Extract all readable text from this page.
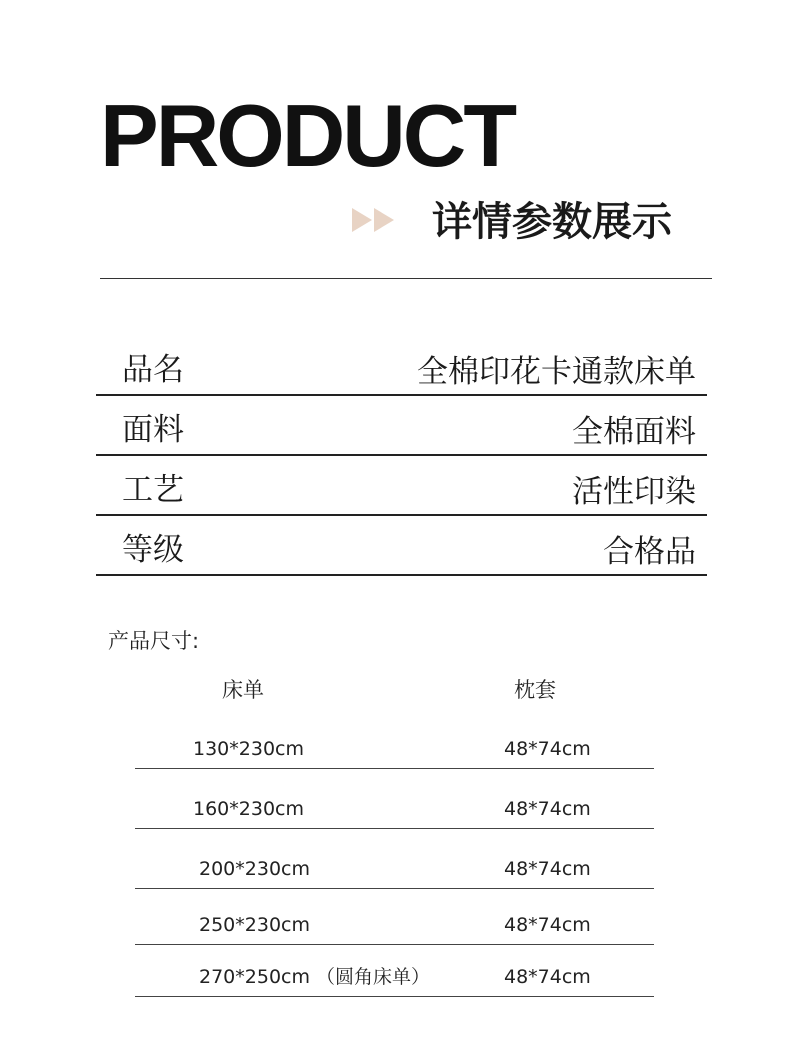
PRODUCT
详情参数展示
品名	全棉印花卡通款床单
面料	全棉面料
工艺	活性印染
等级	合格品
产品尺寸:
床单	枕套
130*230cm	48*74cm
160*230cm	48*74cm
200*230cm	48*74cm
250*230cm	48*74cm
270*250cm （圆角床单）	48*74cm
